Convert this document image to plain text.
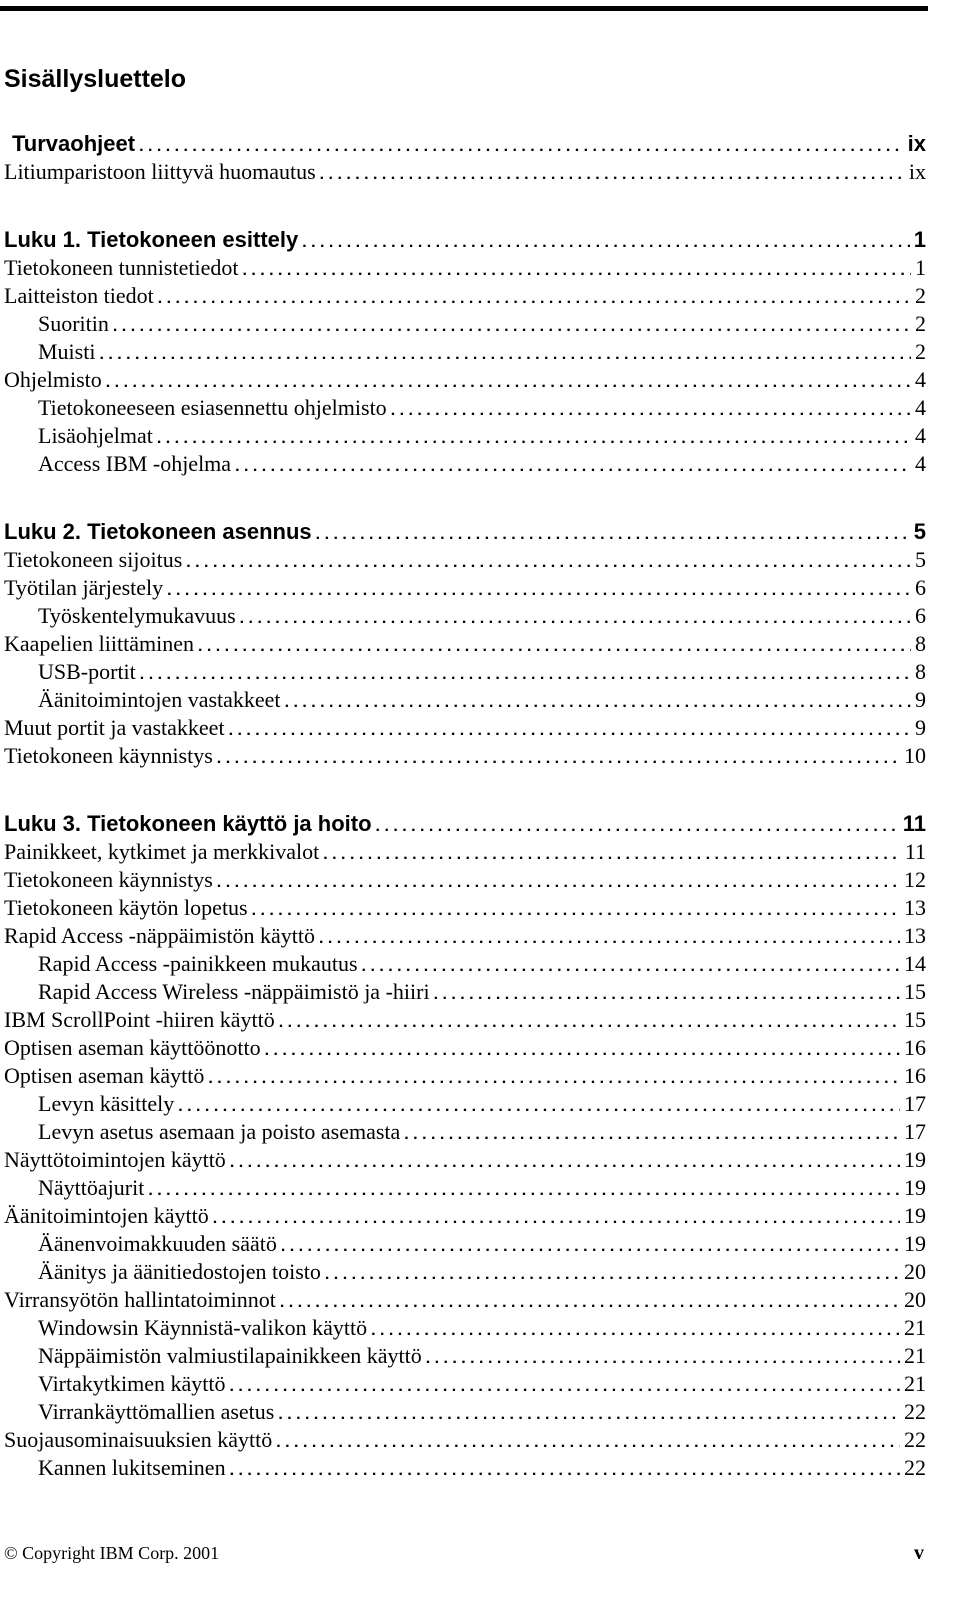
Sisällysluettelo
Turvaohjeet . . .	ix
Litiumparistoon liittyvä huomautus . . .	ix
Luku 1. Tietokoneen esittely . . .	1
Tietokoneen tunnistetiedot . . .	1
Laitteiston tiedot . . .	2
Suoritin . . .	2
Muisti . . .	2
Ohjelmisto . . .	4
Tietokoneeseen esiasennettu ohjelmisto . . .	4
Lisäohjelmat . . .	4
Access IBM -ohjelma . . .	4
Luku 2. Tietokoneen asennus . . .	5
Tietokoneen sijoitus . . .	5
Työtilan järjestely . . .	6
Työskentelymukavuus . . .	6
Kaapelien liittäminen . . .	8
USB-portit . . .	8
Äänitoimintojen vastakkeet . . .	9
Muut portit ja vastakkeet . . .	9
Tietokoneen käynnistys . . .	10
Luku 3. Tietokoneen käyttö ja hoito . . .	11
Painikkeet, kytkimet ja merkkivalot . . .	11
Tietokoneen käynnistys . . .	12
Tietokoneen käytön lopetus . . .	13
Rapid Access -näppäimistön käyttö . . .	13
Rapid Access -painikkeen mukautus . . .	14
Rapid Access Wireless -näppäimistö ja -hiiri . . .	15
IBM ScrollPoint -hiiren käyttö . . .	15
Optisen aseman käyttöönotto . . .	16
Optisen aseman käyttö . . .	16
Levyn käsittely . . .	17
Levyn asetus asemaan ja poisto asemasta . . .	17
Näyttötoimintojen käyttö . . .	19
Näyttöajurit . . .	19
Äänitoimintojen käyttö . . .	19
Äänenvoimakkuuden säätö . . .	19
Äänitys ja äänitiedostojen toisto . . .	20
Virransyötön hallintatoiminnot . . .	20
Windowsin Käynnistä-valikon käyttö . . .	21
Näppäimistön valmiustilapainikkeen käyttö . . .	21
Virtakytkimen käyttö . . .	21
Virrankäyttömallien asetus . . .	22
Suojausominaisuuksien käyttö . . .	22
Kannen lukitseminen . . .	22
© Copyright IBM Corp. 2001	v
